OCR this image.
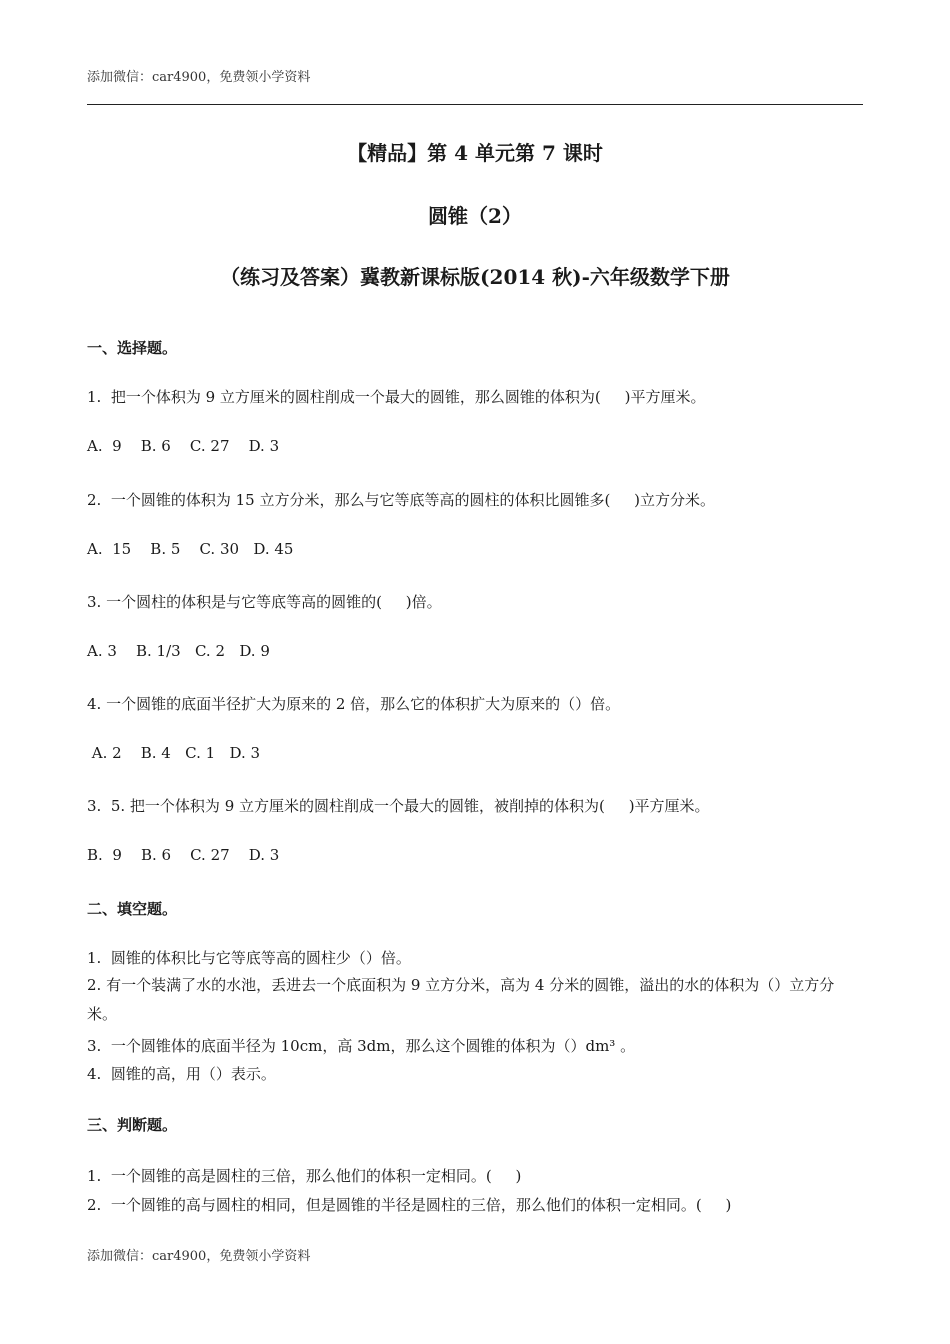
添加微信：car4900，免费领小学资料
【精品】第 4 单元第 7 课时
圆锥（2）
（练习及答案）冀教新课标版(2014 秋)-六年级数学下册
一、选择题。
1.  把一个体积为 9 立方厘米的圆柱削成一个最大的圆锥，那么圆锥的体积为(     )平方厘米。
A.  9    B. 6    C. 27    D. 3
2.  一个圆锥的体积为 15 立方分米，那么与它等底等高的圆柱的体积比圆锥多(     )立方分米。
A.  15    B. 5    C. 30   D. 45
3. 一个圆柱的体积是与它等底等高的圆锥的(     )倍。
A. 3    B. 1/3   C. 2   D. 9
4. 一个圆锥的底面半径扩大为原来的 2 倍，那么它的体积扩大为原来的（）倍。
A. 2    B. 4   C. 1   D. 3
3.  5. 把一个体积为 9 立方厘米的圆柱削成一个最大的圆锥，被削掉的体积为(     )平方厘米。
B.  9    B. 6    C. 27    D. 3
二、填空题。
1.  圆锥的体积比与它等底等高的圆柱少（）倍。
2. 有一个装满了水的水池，丢进去一个底面积为 9 立方分米，高为 4 分米的圆锥，溢出的水的体积为（）立方分米。
3.  一个圆锥体的底面半径为 10cm，高 3dm，那么这个圆锥的体积为（）dm³ 。
4.  圆锥的高，用（）表示。
三、判断题。
1.  一个圆锥的高是圆柱的三倍，那么他们的体积一定相同。(     )
2.  一个圆锥的高与圆柱的相同，但是圆锥的半径是圆柱的三倍，那么他们的体积一定相同。(     )
添加微信：car4900，免费领小学资料
